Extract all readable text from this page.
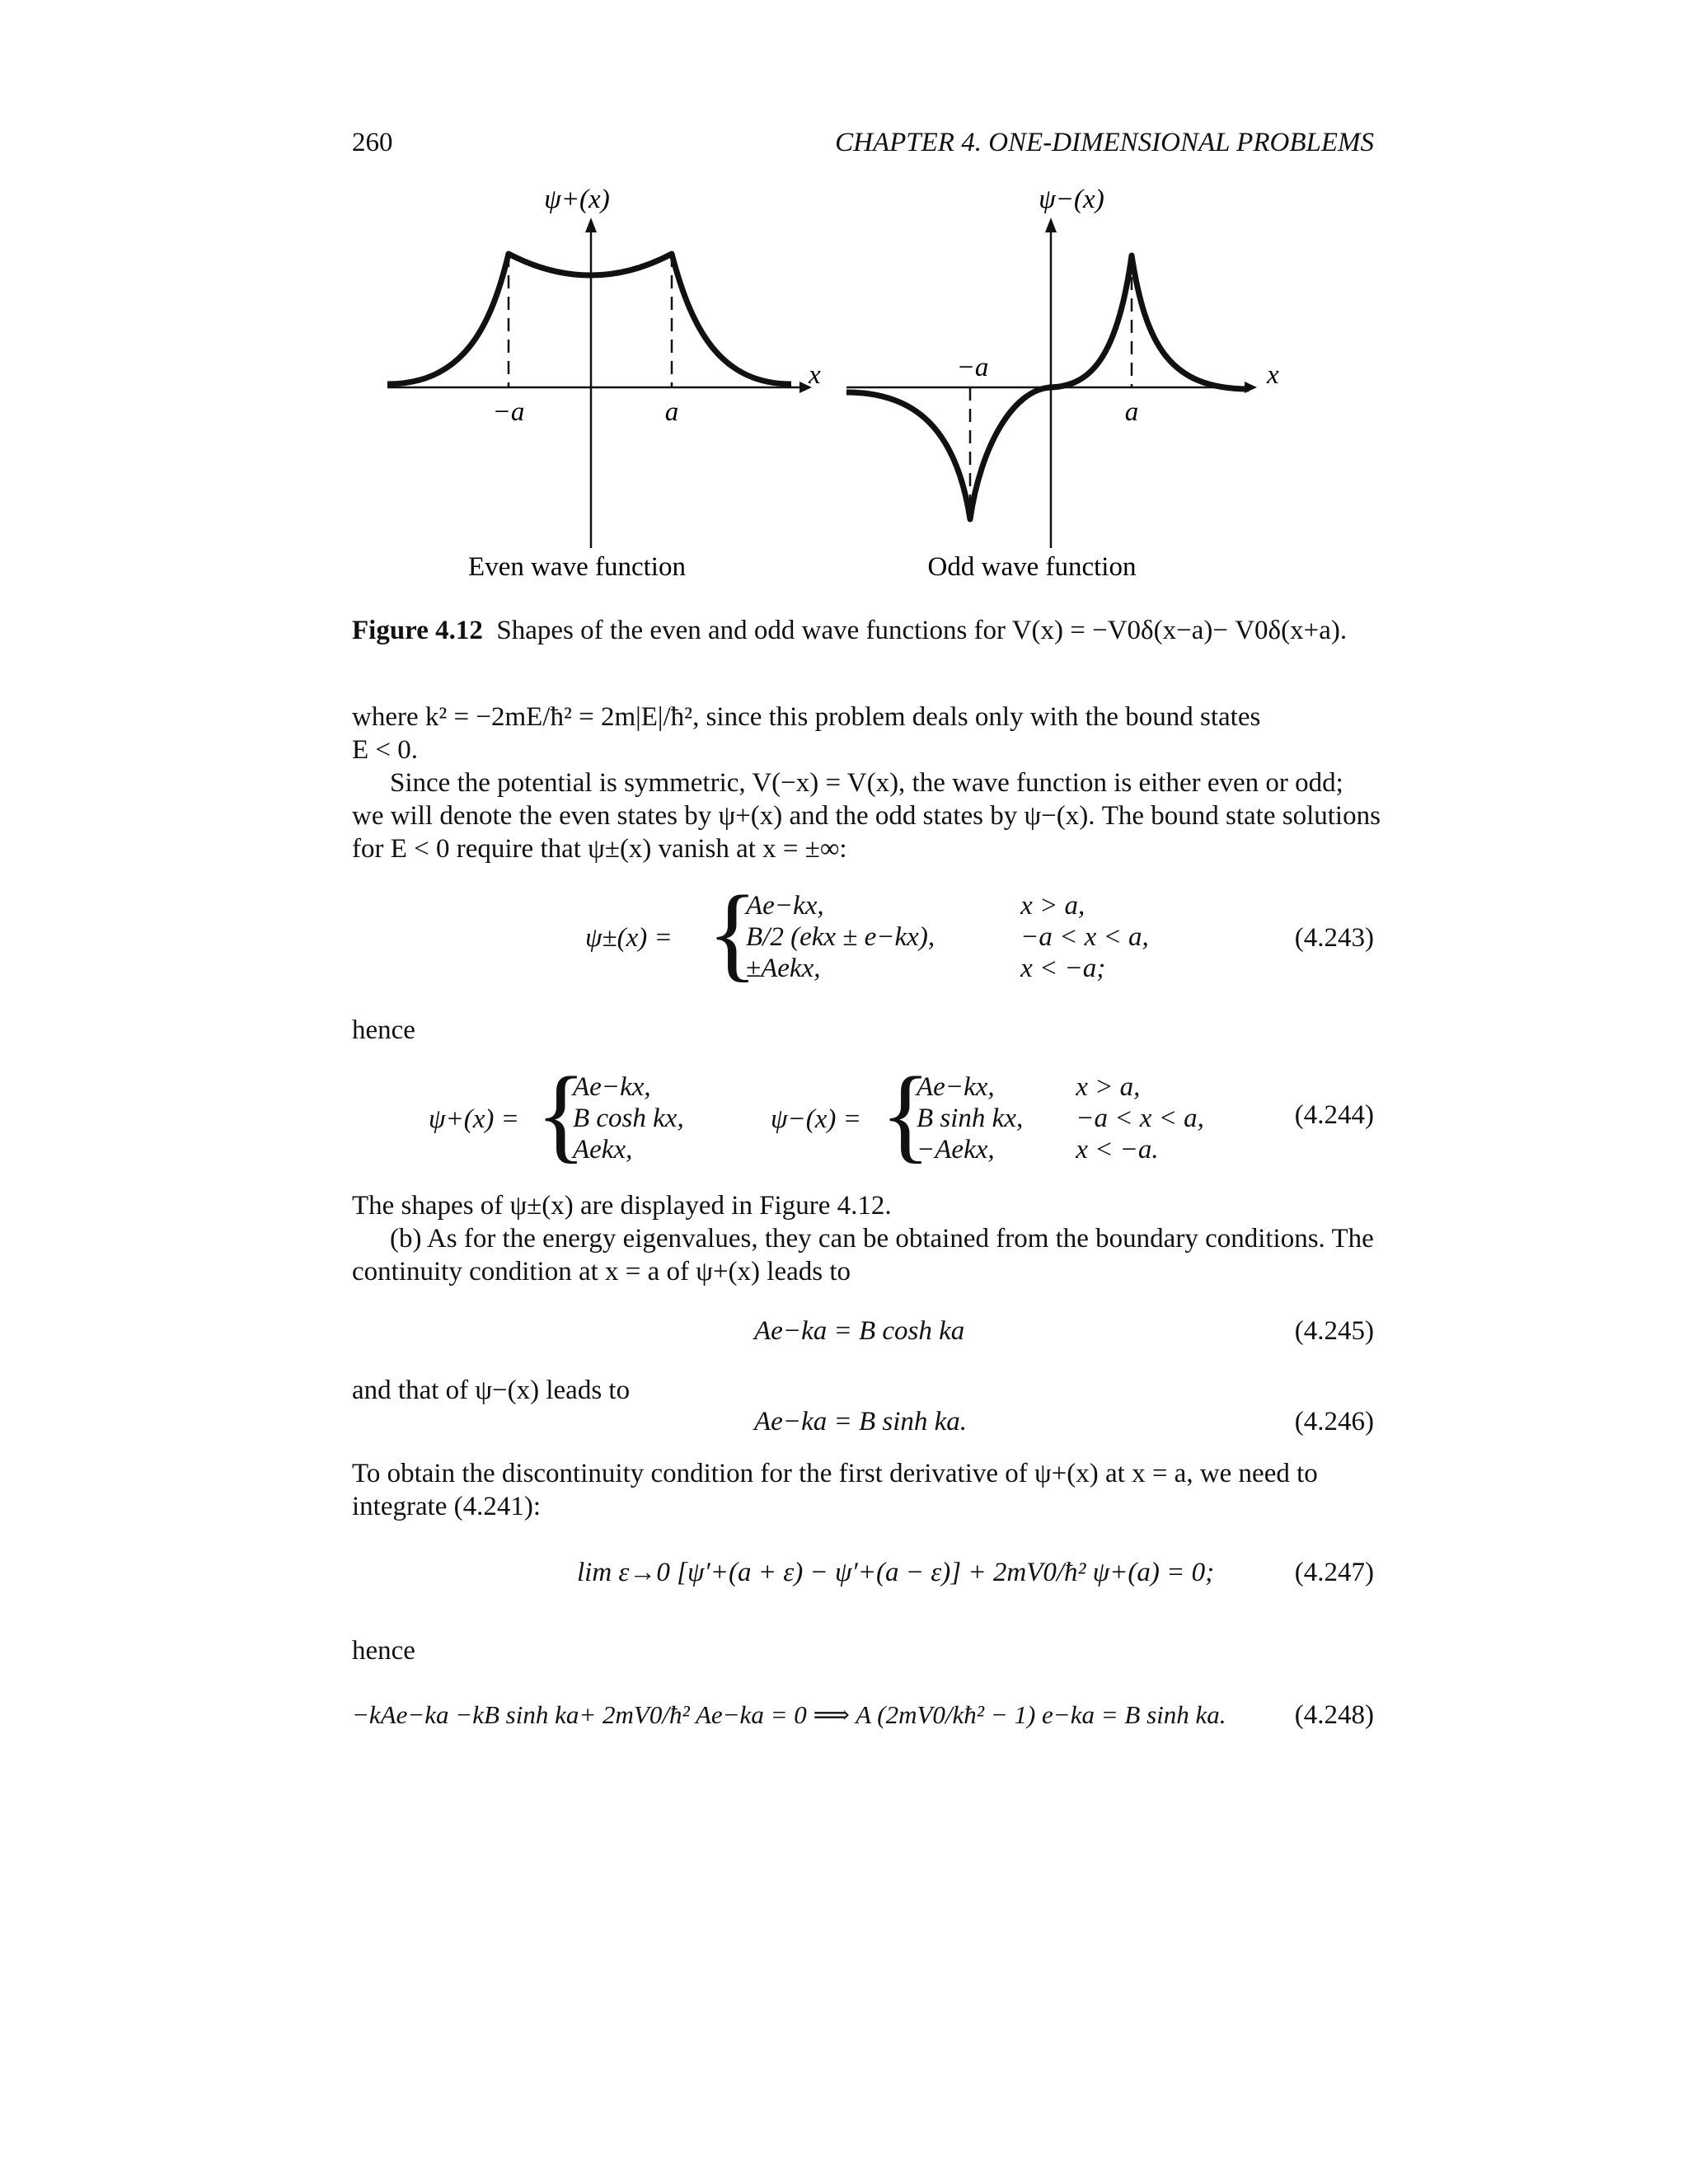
260	CHAPTER 4. ONE-DIMENSIONAL PROBLEMS
ψ+(x)
x
−a	a
Even wave function
ψ−(x)
x
−a
a
Odd wave function
Figure 4.12 Shapes of the even and odd wave functions for V(x) = −V0δ(x−a)− V0δ(x+a).
where k² = −2mE/ħ² = 2m|E|/ħ², since this problem deals only with the bound states
E < 0.
Since the potential is symmetric, V(−x) = V(x), the wave function is either even or odd;
we will denote the even states by ψ+(x) and the odd states by ψ−(x). The bound state solutions
for E < 0 require that ψ±(x) vanish at x = ±∞:
ψ±(x) = {
Ae−kx,	x > a,
B/2 (ekx ± e−kx),	−a < x < a,
±Aekx,	x < −a;
(4.243)
hence
ψ+(x) = {
Ae−kx,
B cosh kx,
Aekx,
ψ−(x) = {
Ae−kx,	x > a,
B sinh kx,	−a < x < a,
−Aekx,	x < −a.
(4.244)
The shapes of ψ±(x) are displayed in Figure 4.12.
(b) As for the energy eigenvalues, they can be obtained from the boundary conditions. The
continuity condition at x = a of ψ+(x) leads to
Ae−ka = B cosh ka	(4.245)
and that of ψ−(x) leads to
Ae−ka = B sinh ka.	(4.246)
To obtain the discontinuity condition for the first derivative of ψ+(x) at x = a, we need to
integrate (4.241):
lim ε→0 [ψ′+(a + ε) − ψ′+(a − ε)] + 2mV0/ħ² ψ+(a) = 0;	(4.247)
hence
−kAe−ka −kB sinh ka+ 2mV0/ħ² Ae−ka = 0 ⟹ A (2mV0/kħ² − 1) e−ka = B sinh ka.	(4.248)
